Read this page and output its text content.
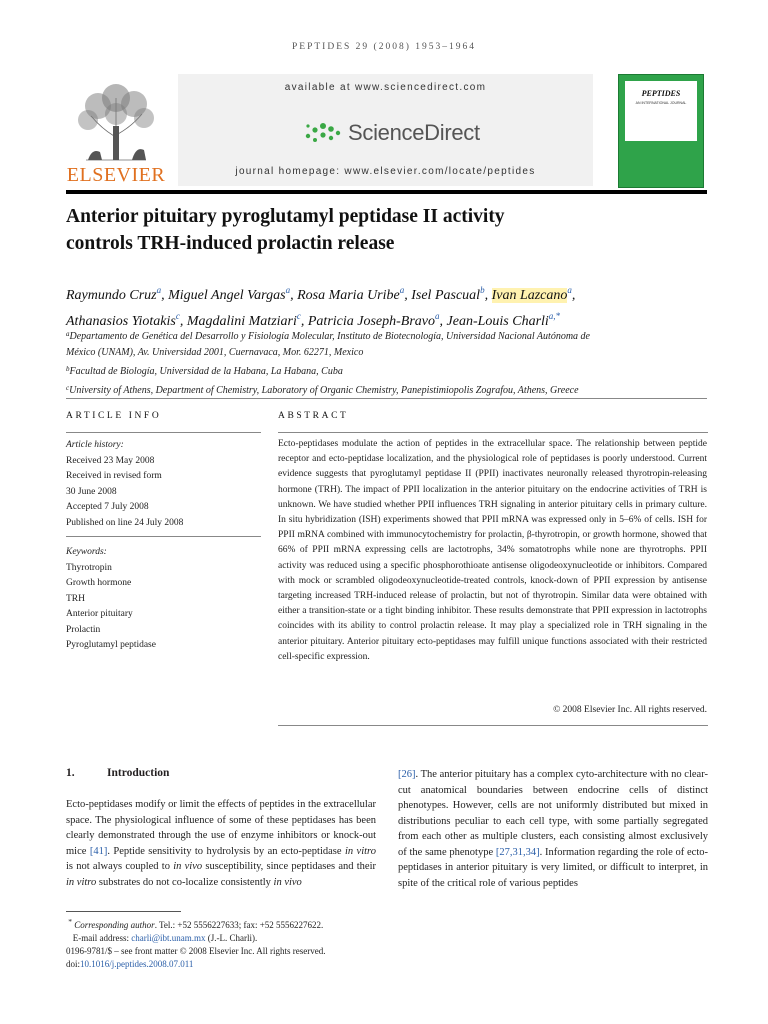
PEPTIDES 29 (2008) 1953–1964
ELSEVIER
available at www.sciencedirect.com
ScienceDirect
journal homepage: www.elsevier.com/locate/peptides
PEPTIDES
AN INTERNATIONAL JOURNAL
Anterior pituitary pyroglutamyl peptidase II activity
controls TRH-induced prolactin release
Raymundo Cruz$^a$, Miguel Angel Vargas$^a$, Rosa Maria Uribe$^a$, Isel Pascual$^b$, Ivan Lazcano$^a$,
Athanasios Yiotakis$^c$, Magdalini Matziari$^c$, Patricia Joseph-Bravo$^a$, Jean-Louis Charli$^{a,*}$
$^a$Departamento de Genética del Desarrollo y Fisiología Molecular, Instituto de Biotecnología, Universidad Nacional Autónoma de
México (UNAM), Av. Universidad 2001, Cuernavaca, Mor. 62271, Mexico
$^b$Facultad de Biología, Universidad de la Habana, La Habana, Cuba
$^c$University of Athens, Department of Chemistry, Laboratory of Organic Chemistry, Panepistimiopolis Zografou, Athens, Greece
ARTICLE INFO
Article history:
Received 23 May 2008
Received in revised form
30 June 2008
Accepted 7 July 2008
Published on line 24 July 2008
Keywords:
Thyrotropin
Growth hormone
TRH
Anterior pituitary
Prolactin
Pyroglutamyl peptidase
ABSTRACT
Ecto-peptidases modulate the action of peptides in the extracellular space. The relationship between peptide receptor and ecto-peptidase localization, and the physiological role of peptidases is poorly understood. Current evidence suggests that pyroglutamyl peptidase II (PPII) inactivates neuronally released thyrotropin-releasing hormone (TRH). The impact of PPII localization in the anterior pituitary on the endocrine activities of TRH is unknown. We have studied whether PPII influences TRH signaling in anterior pituitary cells in primary culture. In situ hybridization (ISH) experiments showed that PPII mRNA was expressed only in 5–6% of cells. ISH for PPII mRNA combined with immunocytochemistry for prolactin, β-thyrotropin, or growth hormone, showed that 66% of PPII mRNA expressing cells are lactotrophs, 34% somatotrophs while none are thyrotrophs. PPII activity was reduced using a specific phosphorothioate antisense oligodeoxynucleotide or inhibitors. Compared with mock or scrambled oligodeoxynucleotide-treated controls, knock-down of PPII expression by antisense targeting increased TRH-induced release of prolactin, but not of thyrotropin. Similar data were obtained with either a transition-state or a tight binding inhibitor. These results demonstrate that PPII expression in lactotrophs coincides with its ability to control prolactin release. It may play a specialized role in TRH signaling in the anterior pituitary. Anterior pituitary ecto-peptidases may fulfill unique functions associated with their restricted cell-specific expression.
© 2008 Elsevier Inc. All rights reserved.
1.	Introduction
Ecto-peptidases modify or limit the effects of peptides in the extracellular space. The physiological influence of some of these peptidases has been clearly demonstrated through the use of enzyme inhibitors or knock-out mice [41]. Peptide sensitivity to hydrolysis by an ecto-peptidase in vitro is not always coupled to in vivo susceptibility, since peptidases and their in vitro substrates do not co-localize consistently in vivo
[26]. The anterior pituitary has a complex cyto-architecture with no clear-cut anatomical boundaries between endocrine cells of distinct phenotypes. However, cells are not uniformly distributed but mixed in distributions peculiar to each cell type, with some partially segregated from each other as multiple clusters, each consisting almost exclusively of the same phenotype [27,31,34]. Information regarding the role of ecto-peptidases in anterior pituitary is very limited, or difficult to interpret, in spite of the critical role of various peptides
* Corresponding author. Tel.: +52 5556227633; fax: +52 5556227622.
E-mail address: charli@ibt.unam.mx (J.-L. Charli).
0196-9781/$ – see front matter © 2008 Elsevier Inc. All rights reserved.
doi:10.1016/j.peptides.2008.07.011
